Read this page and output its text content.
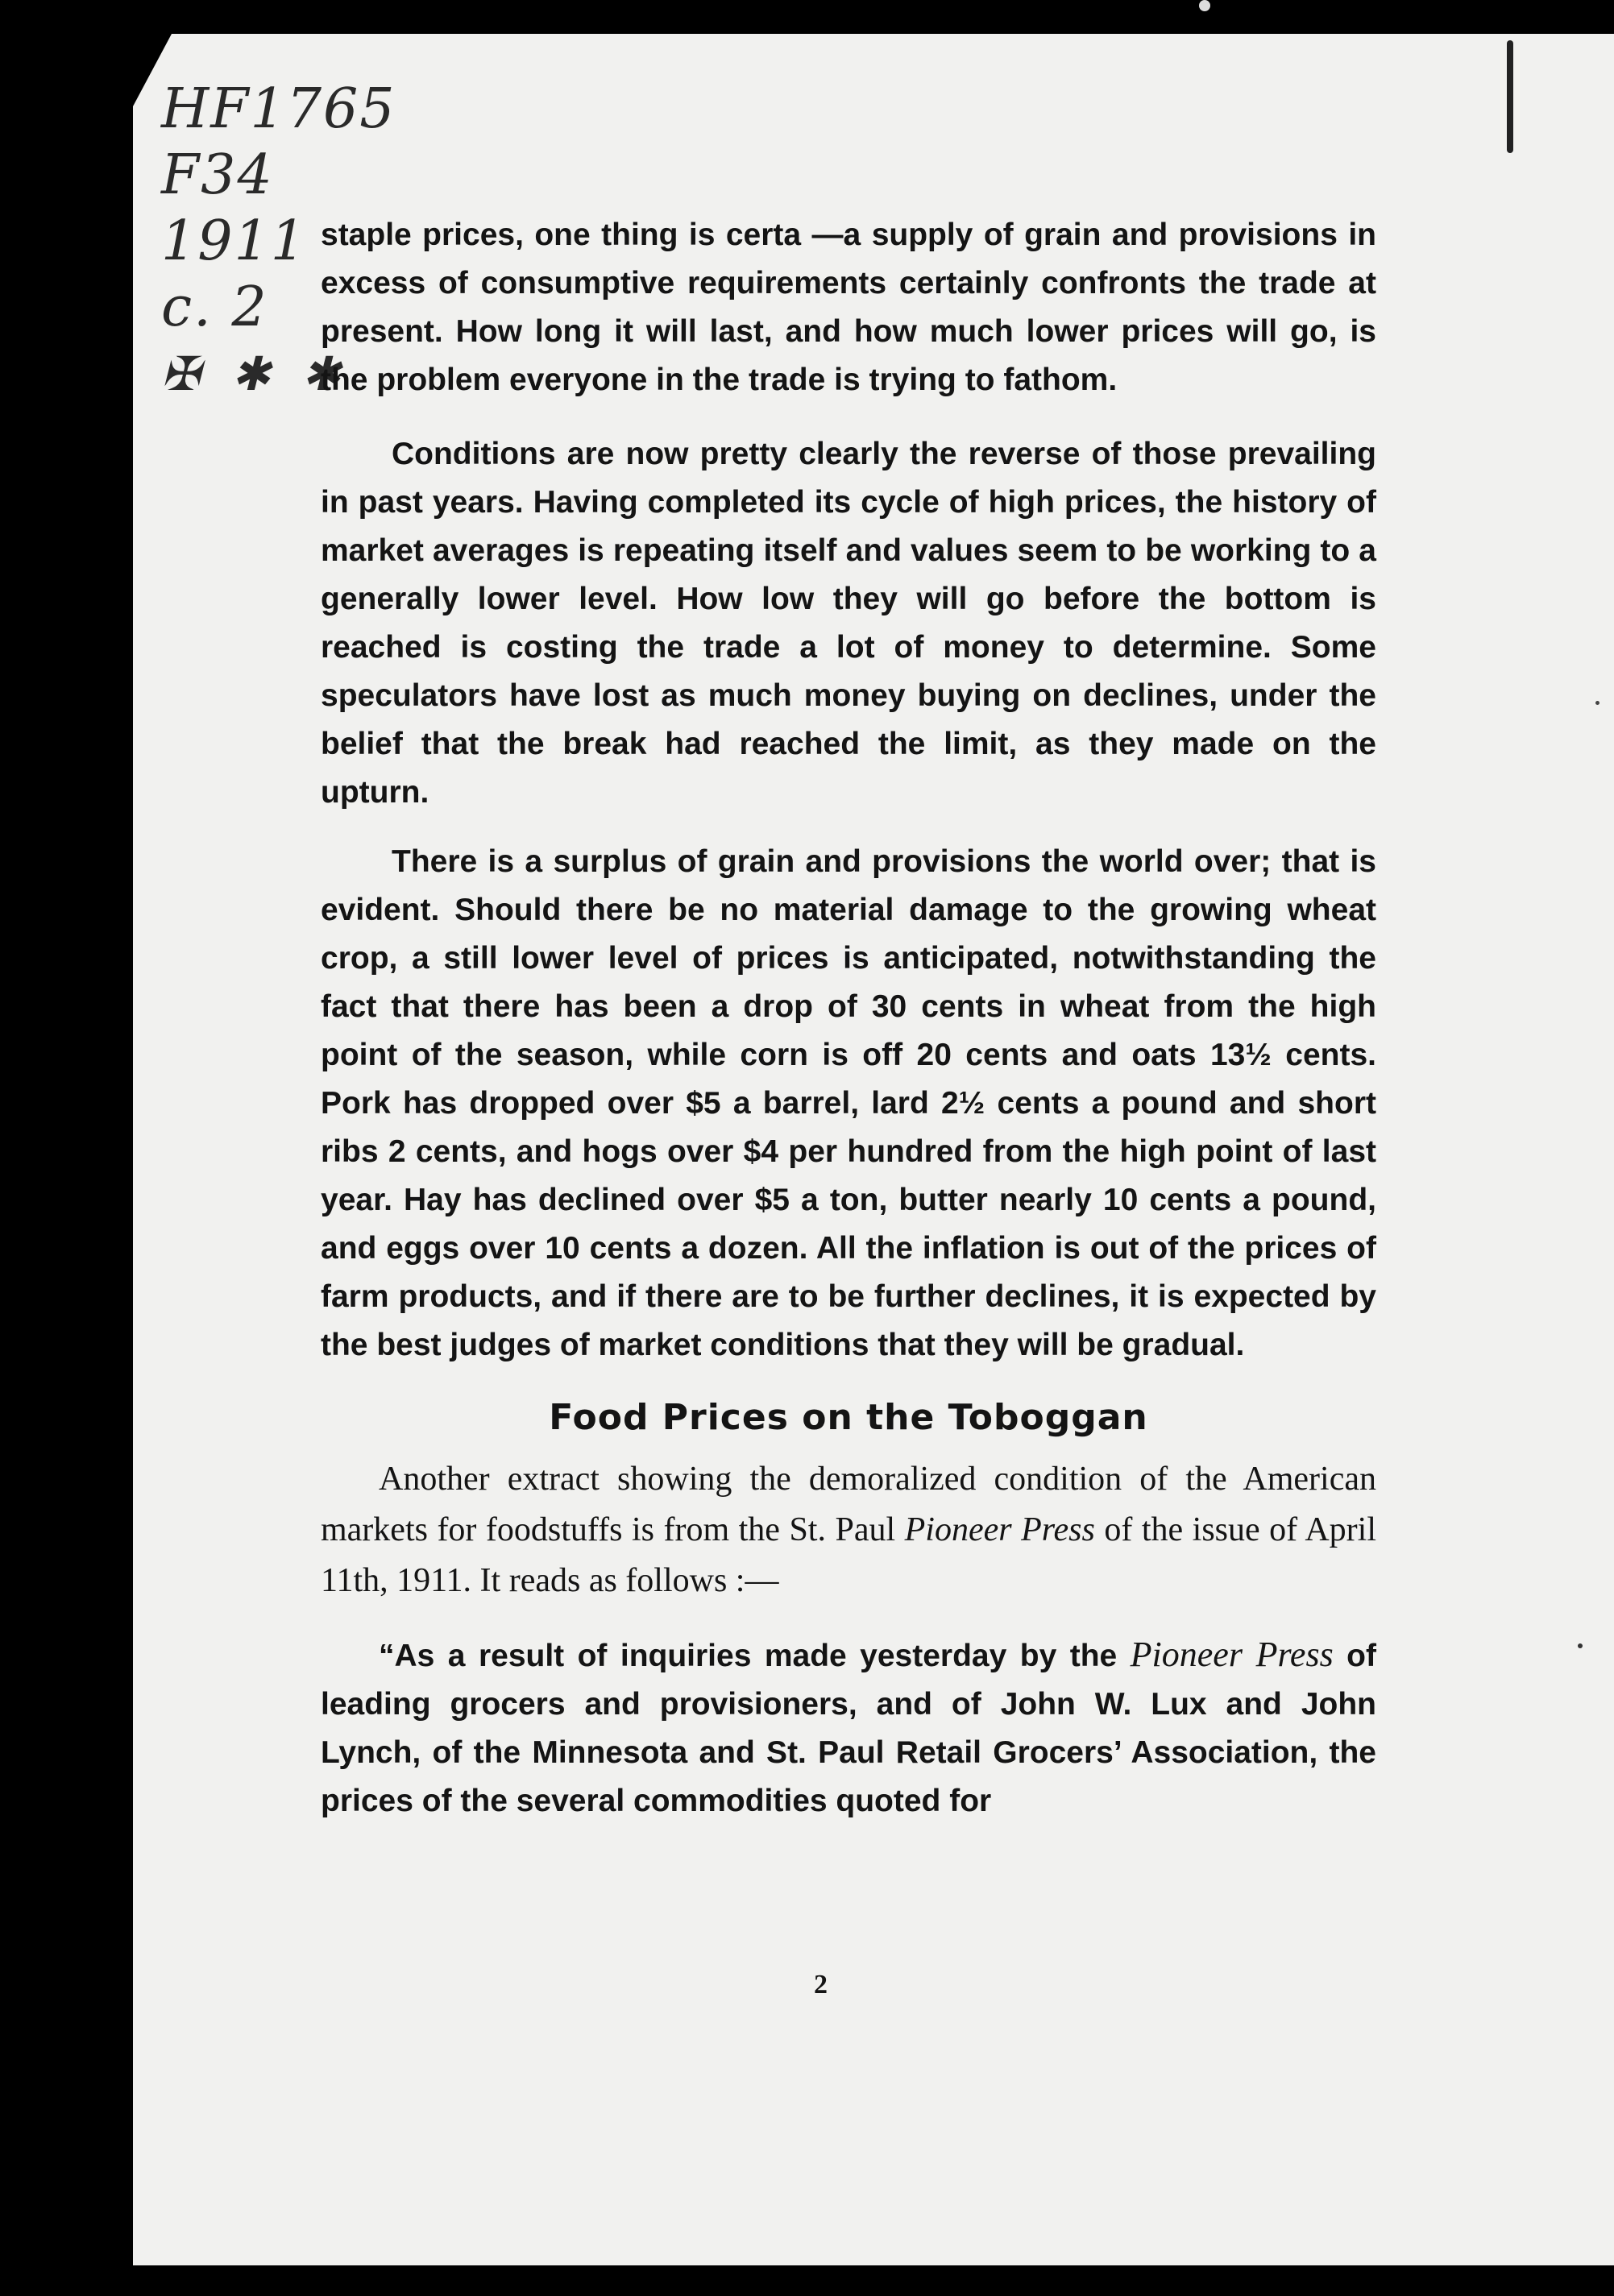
HF1765
F34
1911
c. 2
✠ ✱ ✱

staple prices, one thing is certa —a supply of grain and provisions in excess of consumptive requirements certainly confronts the trade at present. How long it will last, and how much lower prices will go, is the problem everyone in the trade is trying to fathom.

Conditions are now pretty clearly the reverse of those prevailing in past years. Having completed its cycle of high prices, the history of market averages is repeating itself and values seem to be working to a generally lower level. How low they will go before the bottom is reached is costing the trade a lot of money to determine. Some speculators have lost as much money buying on declines, under the belief that the break had reached the limit, as they made on the upturn.

There is a surplus of grain and provisions the world over; that is evident. Should there be no material damage to the growing wheat crop, a still lower level of prices is anticipated, notwithstanding the fact that there has been a drop of 30 cents in wheat from the high point of the season, while corn is off 20 cents and oats 13½ cents. Pork has dropped over $5 a barrel, lard 2½ cents a pound and short ribs 2 cents, and hogs over $4 per hundred from the high point of last year. Hay has declined over $5 a ton, butter nearly 10 cents a pound, and eggs over 10 cents a dozen. All the inflation is out of the prices of farm products, and if there are to be further declines, it is expected by the best judges of market conditions that they will be gradual.

Food Prices on the Toboggan

Another extract showing the demoralized condition of the American markets for foodstuffs is from the St. Paul Pioneer Press of the issue of April 11th, 1911. It reads as follows :—

“As a result of inquiries made yesterday by the Pioneer Press of leading grocers and provisioners, and of John W. Lux and John Lynch, of the Minnesota and St. Paul Retail Grocers’ Association, the prices of the several commodities quoted for

2
